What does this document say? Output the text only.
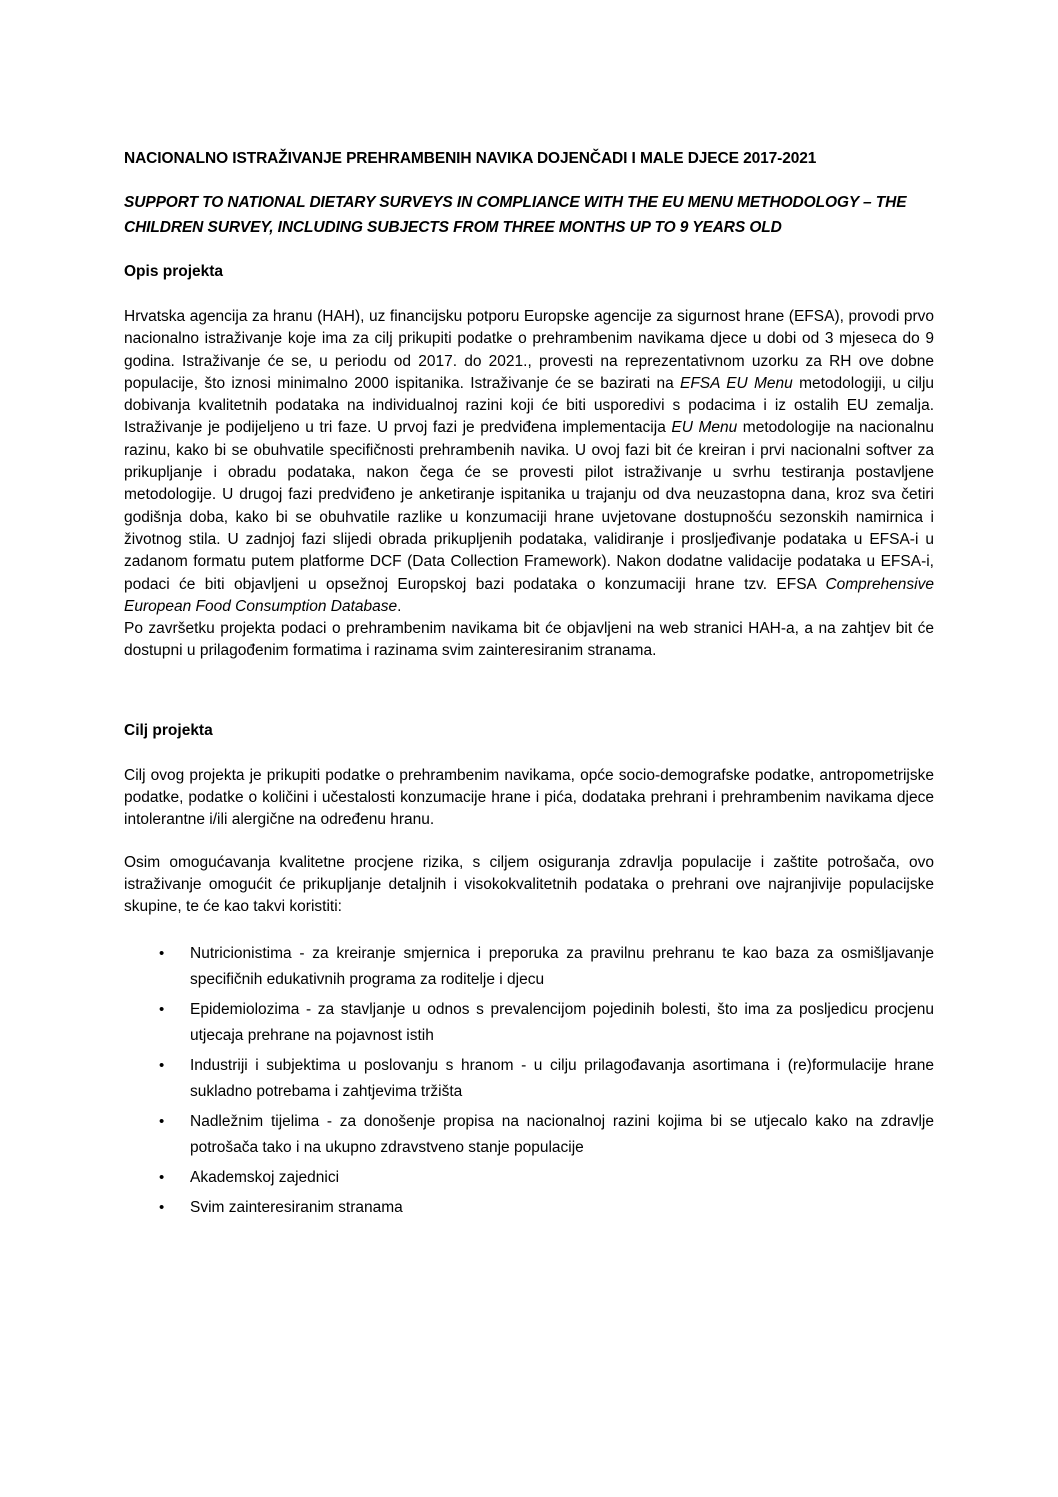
NACIONALNO ISTRAŽIVANJE PREHRAMBENIH NAVIKA DOJENČADI I MALE DJECE 2017-2021
SUPPORT TO NATIONAL DIETARY SURVEYS IN COMPLIANCE WITH THE EU MENU METHODOLOGY – THE CHILDREN SURVEY, INCLUDING SUBJECTS FROM THREE MONTHS UP TO 9 YEARS OLD
Opis projekta

Hrvatska agencija za hranu (HAH), uz financijsku potporu Europske agencije za sigurnost hrane (EFSA), provodi prvo nacionalno istraživanje koje ima za cilj prikupiti podatke o prehrambenim navikama djece u dobi od 3 mjeseca do 9 godina. Istraživanje će se, u periodu od 2017. do 2021., provesti na reprezentativnom uzorku za RH ove dobne populacije, što iznosi minimalno 2000 ispitanika. Istraživanje će se bazirati na EFSA EU Menu metodologiji, u cilju dobivanja kvalitetnih podataka na individualnoj razini koji će biti usporedivi s podacima i iz ostalih EU zemalja. Istraživanje je podijeljeno u tri faze. U prvoj fazi je predviđena implementacija EU Menu metodologije na nacionalnu razinu, kako bi se obuhvatile specifičnosti prehrambenih navika. U ovoj fazi bit će kreiran i prvi nacionalni softver za prikupljanje i obradu podataka, nakon čega će se provesti pilot istraživanje u svrhu testiranja postavljene metodologije. U drugoj fazi predviđeno je anketiranje ispitanika u trajanju od dva neuzastopna dana, kroz sva četiri godišnja doba, kako bi se obuhvatile razlike u konzumaciji hrane uvjetovane dostupnošću sezonskih namirnica i životnog stila. U zadnjoj fazi slijedi obrada prikupljenih podataka, validiranje i prosljeđivanje podataka u EFSA-i u zadanom formatu putem platforme DCF (Data Collection Framework). Nakon dodatne validacije podataka u EFSA-i, podaci će biti objavljeni u opsežnoj Europskoj bazi podataka o konzumaciji hrane tzv. EFSA Comprehensive European Food Consumption Database.

Po završetku projekta podaci o prehrambenim navikama bit će objavljeni na web stranici HAH-a, a na zahtjev bit će dostupni u prilagođenim formatima i razinama svim zainteresiranim stranama.

Cilj projekta

Cilj ovog projekta je prikupiti podatke o prehrambenim navikama, opće socio-demografske podatke, antropometrijske podatke, podatke o količini i učestalosti konzumacije hrane i pića, dodataka prehrani i prehrambenim navikama djece intolerantne i/ili alergične na određenu hranu.

Osim omogućavanja kvalitetne procjene rizika, s ciljem osiguranja zdravlja populacije i zaštite potrošača, ovo istraživanje omogućit će prikupljanje detaljnih i visokokvalitetnih podataka o prehrani ove najranjivije populacijske skupine, te će kao takvi koristiti:

• Nutricionistima - za kreiranje smjernica i preporuka za pravilnu prehranu te kao baza za osmišljavanje specifičnih edukativnih programa za roditelje i djecu
• Epidemiolozima - za stavljanje u odnos s prevalencijom pojedinih bolesti, što ima za posljedicu procjenu utjecaja prehrane na pojavnost istih
• Industriji i subjektima u poslovanju s hranom - u cilju prilagođavanja asortimana i (re)formulacije hrane sukladno potrebama i zahtjevima tržišta
• Nadležnim tijelima - za donošenje propisa na nacionalnoj razini kojima bi se utjecalo kako na zdravlje potrošača tako i na ukupno zdravstveno stanje populacije
• Akademskoj zajednici
• Svim zainteresiranim stranama
